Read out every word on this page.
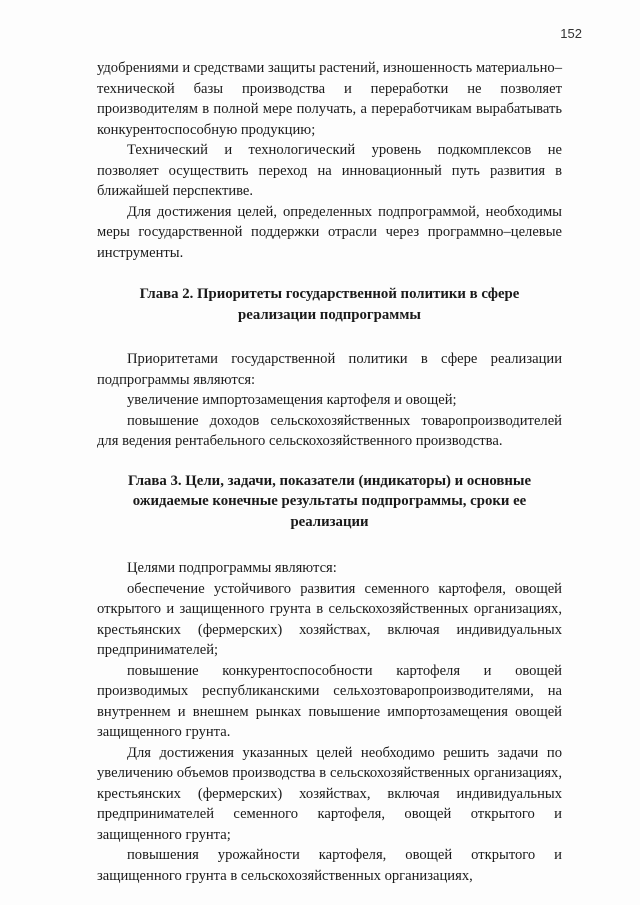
152

удобрениями и средствами защиты растений, изношенность материально–технической базы производства и переработки не позволяет производителям в полной мере получать, а переработчикам вырабатывать конкурентоспособную продукцию;

Технический и технологический уровень подкомплексов не позволяет осуществить переход на инновационный путь развития в ближайшей перспективе.

Для достижения целей, определенных подпрограммой, необходимы меры государственной поддержки отрасли через программно–целевые инструменты.

Глава 2. Приоритеты государственной политики в сфере реализации подпрограммы

Приоритетами государственной политики в сфере реализации подпрограммы являются:

увеличение импортозамещения картофеля и овощей;

повышение доходов сельскохозяйственных товаропроизводителей для ведения рентабельного сельскохозяйственного производства.

Глава 3. Цели, задачи, показатели (индикаторы) и основные ожидаемые конечные результаты подпрограммы, сроки ее реализации

Целями подпрограммы являются:

обеспечение устойчивого развития семенного картофеля, овощей открытого и защищенного грунта в сельскохозяйственных организациях, крестьянских (фермерских) хозяйствах, включая индивидуальных предпринимателей;

повышение конкурентоспособности картофеля и овощей производимых республиканскими сельхозтоваропроизводителями, на внутреннем и внешнем рынках повышение импортозамещения овощей защищенного грунта.

Для достижения указанных целей необходимо решить задачи по увеличению объемов производства в сельскохозяйственных организациях, крестьянских (фермерских) хозяйствах, включая индивидуальных предпринимателей семенного картофеля, овощей открытого и защищенного грунта;

повышения урожайности картофеля, овощей открытого и защищенного грунта в сельскохозяйственных организациях,
